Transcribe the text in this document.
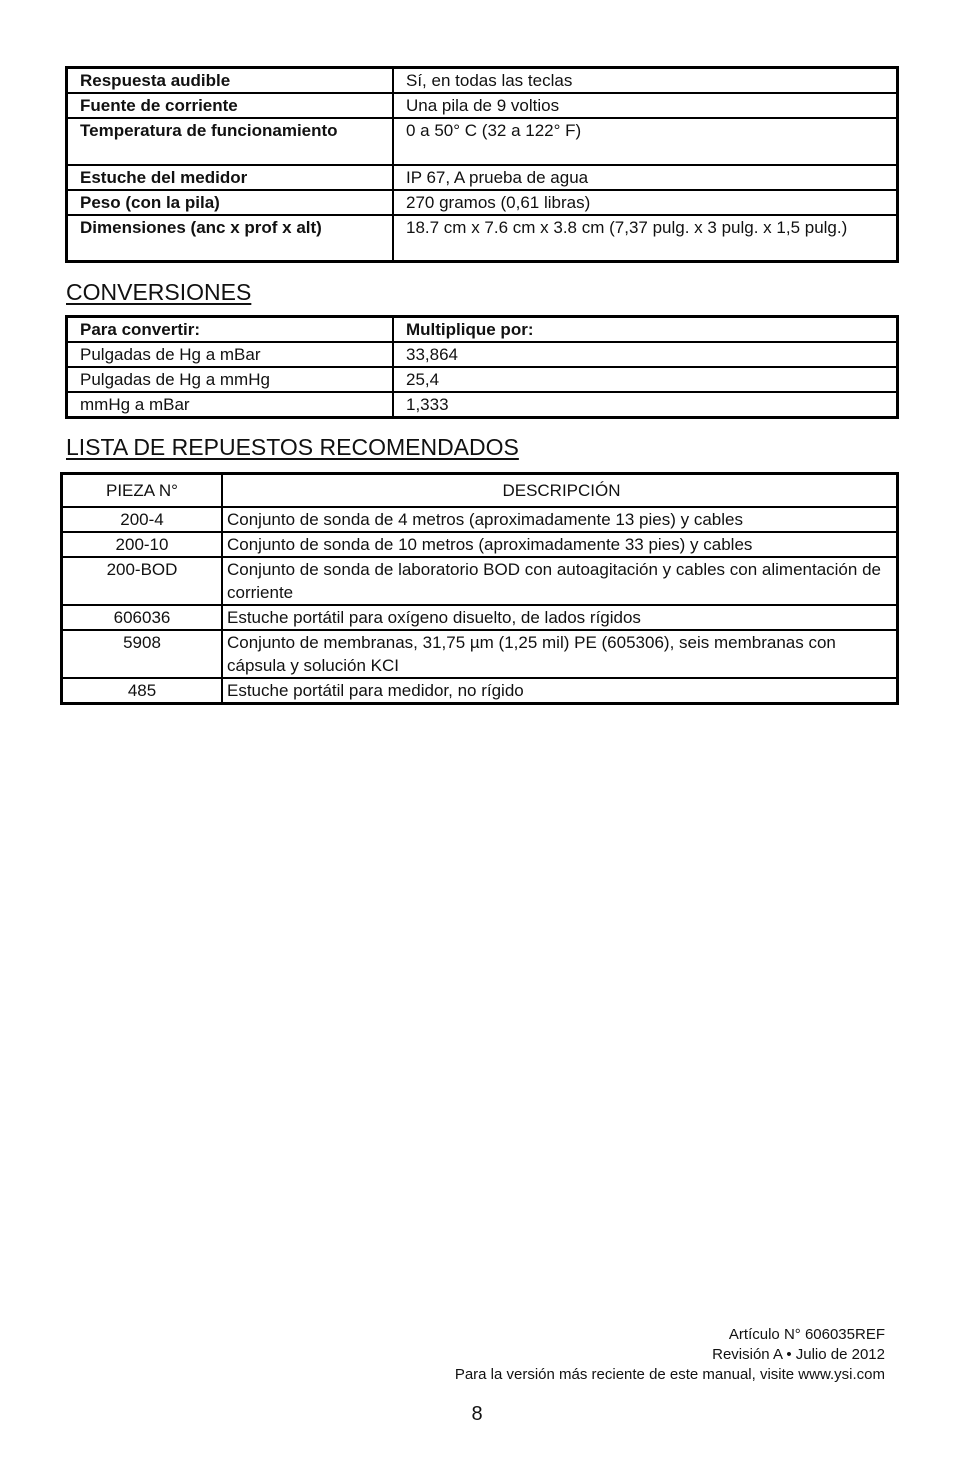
Respuesta audible	Sí, en todas las teclas
Fuente de corriente	Una pila de 9 voltios
Temperatura de funcionamiento	0 a 50° C (32 a 122° F)
Estuche del medidor	IP 67, A prueba de agua
Peso (con la pila)	270 gramos (0,61 libras)
Dimensiones (anc x prof x alt)	18.7 cm x 7.6 cm x 3.8 cm (7,37 pulg. x 3 pulg. x 1,5 pulg.)
CONVERSIONES
Para convertir:	Multiplique por:
Pulgadas de Hg a mBar	33,864
Pulgadas de Hg a mmHg	25,4
mmHg a mBar	1,333
LISTA DE REPUESTOS RECOMENDADOS
PIEZA N°	DESCRIPCIÓN
200-4	Conjunto de sonda de 4 metros (aproximadamente 13 pies) y cables
200-10	Conjunto de sonda de 10 metros (aproximadamente 33 pies) y cables
200-BOD	Conjunto de sonda de laboratorio BOD con autoagitación y cables con alimentación de corriente
606036	Estuche portátil para oxígeno disuelto, de lados rígidos
5908	Conjunto de membranas, 31,75 µm (1,25 mil) PE (605306), seis membranas con cápsula y solución KCI
485	Estuche portátil para medidor, no rígido
Artículo N° 606035REF
Revisión A • Julio de 2012
Para la versión más reciente de este manual, visite www.ysi.com
8
